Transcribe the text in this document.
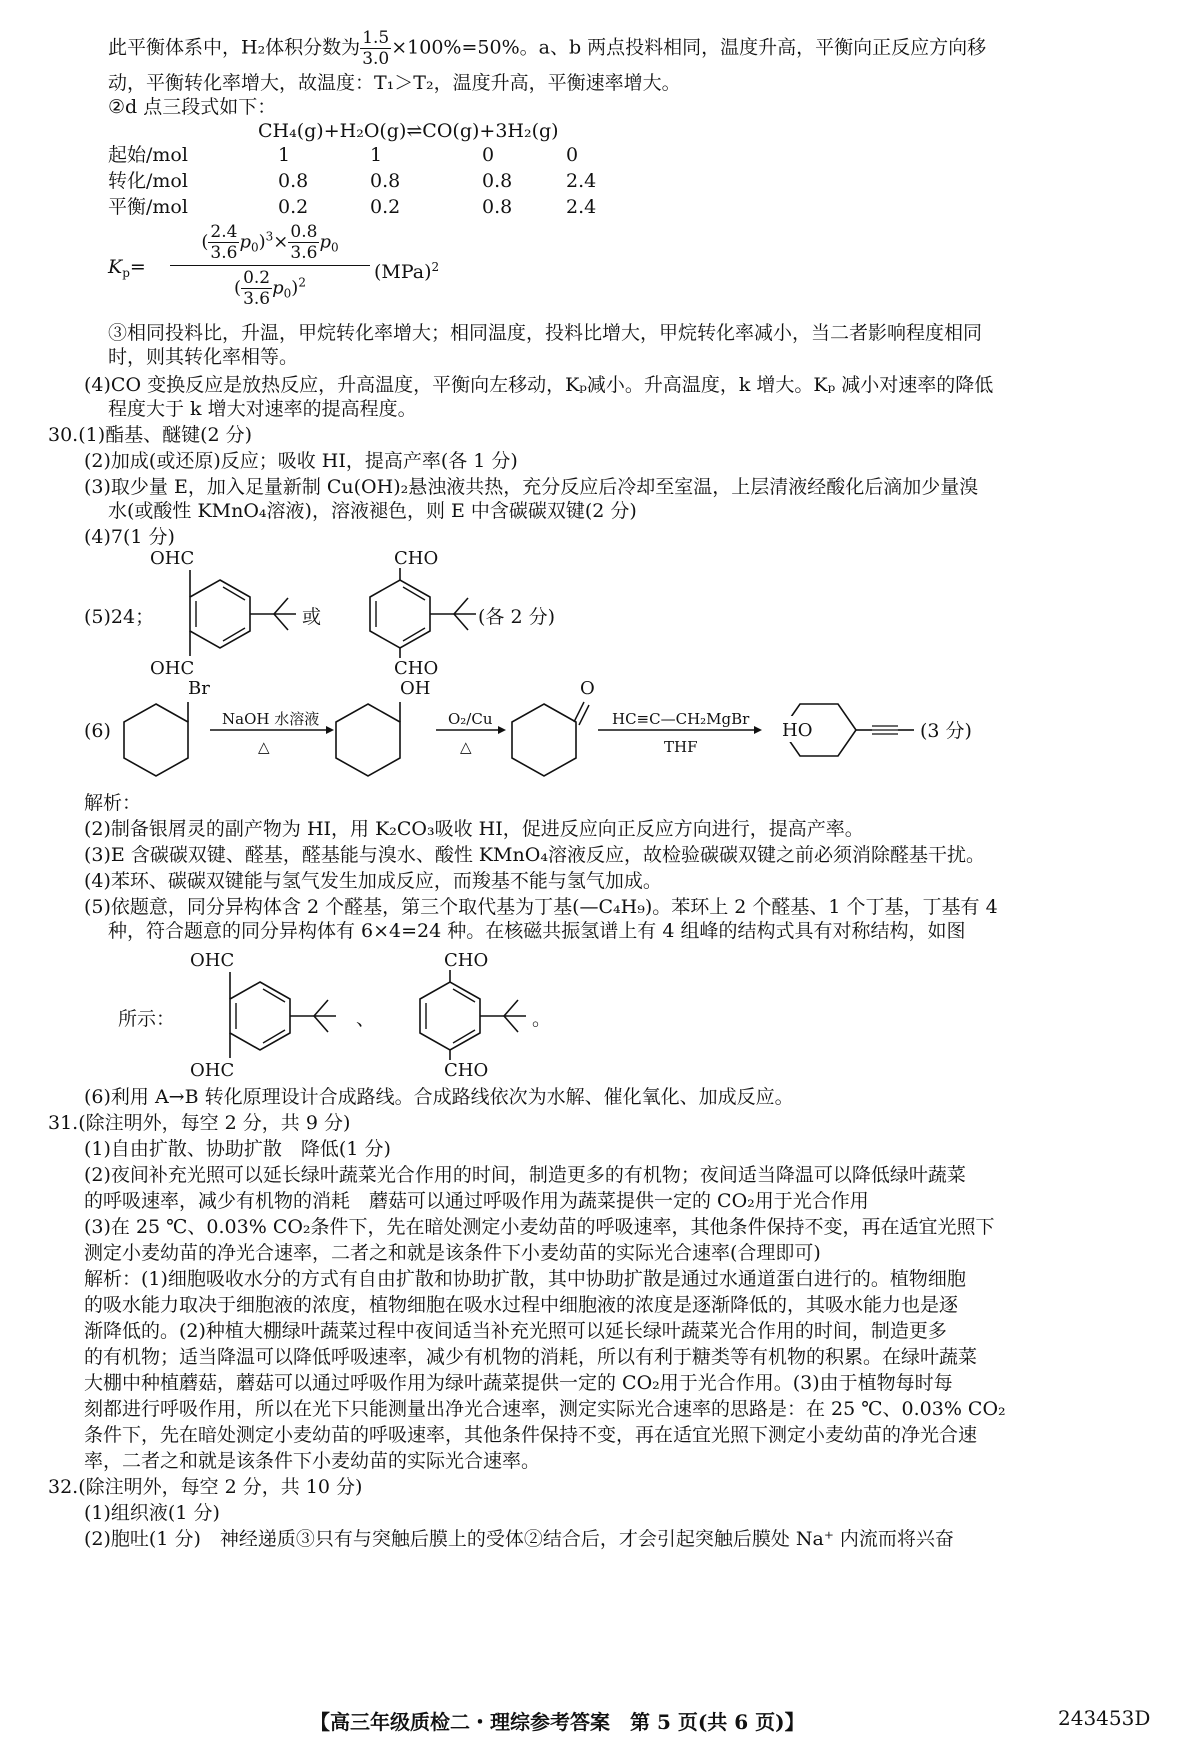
此平衡体系中，H₂体积分数为 $\frac{1.5}{3.0} \times 100\%=50\%$。a、b 两点投料相同，温度升高，平衡向正反应方向移
动，平衡转化率增大，故温度：T₁＞T₂，温度升高，平衡速率增大。
②d 点三段式如下：
CH₄(g)+H₂O(g)⇌CO(g)+3H₂(g)
起始/mol	1	1	0	0
转化/mol	0.8	0.8	0.8	2.4
平衡/mol	0.2	0.2	0.8	2.4
$K_p= \frac{( \frac{2.4}{3.6} p_0)^3\times \frac{0.8}{3.6} p_0}{( \frac{0.2}{3.6} p_0)^2} (MPa)^2$
③相同投料比，升温，甲烷转化率增大；相同温度，投料比增大，甲烷转化率减小，当二者影响程度相同
时，则其转化率相等。
(4)CO 变换反应是放热反应，升高温度，平衡向左移动，Kₚ减小。升高温度，k 增大。Kₚ 减小对速率的降低
程度大于 k 增大对速率的提高程度。
30.(1)酯基、醚键(2 分)
(2)加成(或还原)反应；吸收 HI，提高产率(各 1 分)
(3)取少量 E，加入足量新制 Cu(OH)₂悬浊液共热，充分反应后冷却至室温，上层清液经酸化后滴加少量溴
水(或酸性 KMnO₄溶液)，溶液褪色，则 E 中含碳碳双键(2 分)
(4)7(1 分)
(5)24；
OHC
OHC
或
CHO
CHO
(各 2 分)
(6)
Br
NaOH 水溶液
△
OH
O₂/Cu
△
O
HC≡C—CH₂MgBr
THF
HO	(3 分)
解析：
(2)制备银屑灵的副产物为 HI，用 K₂CO₃吸收 HI，促进反应向正反应方向进行，提高产率。
(3)E 含碳碳双键、醛基，醛基能与溴水、酸性 KMnO₄溶液反应，故检验碳碳双键之前必须消除醛基干扰。
(4)苯环、碳碳双键能与氢气发生加成反应，而羧基不能与氢气加成。
(5)依题意，同分异构体含 2 个醛基，第三个取代基为丁基(—C₄H₉)。苯环上 2 个醛基、1 个丁基，丁基有 4
种，符合题意的同分异构体有 6×4=24 种。在核磁共振氢谱上有 4 组峰的结构式具有对称结构，如图
所示：
OHC
OHC
、
CHO
CHO
。
(6)利用 A→B 转化原理设计合成路线。合成路线依次为水解、催化氧化、加成反应。
31.(除注明外，每空 2 分，共 9 分)
(1)自由扩散、协助扩散　降低(1 分)
(2)夜间补充光照可以延长绿叶蔬菜光合作用的时间，制造更多的有机物；夜间适当降温可以降低绿叶蔬菜
的呼吸速率，减少有机物的消耗　蘑菇可以通过呼吸作用为蔬菜提供一定的 CO₂用于光合作用
(3)在 25 ℃、0.03% CO₂条件下，先在暗处测定小麦幼苗的呼吸速率，其他条件保持不变，再在适宜光照下
测定小麦幼苗的净光合速率，二者之和就是该条件下小麦幼苗的实际光合速率(合理即可)
解析：(1)细胞吸收水分的方式有自由扩散和协助扩散，其中协助扩散是通过水通道蛋白进行的。植物细胞
的吸水能力取决于细胞液的浓度，植物细胞在吸水过程中细胞液的浓度是逐渐降低的，其吸水能力也是逐
渐降低的。(2)种植大棚绿叶蔬菜过程中夜间适当补充光照可以延长绿叶蔬菜光合作用的时间，制造更多
的有机物；适当降温可以降低呼吸速率，减少有机物的消耗，所以有利于糖类等有机物的积累。在绿叶蔬菜
大棚中种植蘑菇，蘑菇可以通过呼吸作用为绿叶蔬菜提供一定的 CO₂用于光合作用。(3)由于植物每时每
刻都进行呼吸作用，所以在光下只能测量出净光合速率，测定实际光合速率的思路是：在 25 ℃、0.03% CO₂
条件下，先在暗处测定小麦幼苗的呼吸速率，其他条件保持不变，再在适宜光照下测定小麦幼苗的净光合速
率，二者之和就是该条件下小麦幼苗的实际光合速率。
32.(除注明外，每空 2 分，共 10 分)
(1)组织液(1 分)
(2)胞吐(1 分)　神经递质③只有与突触后膜上的受体②结合后，才会引起突触后膜处 Na⁺ 内流而将兴奋
【高三年级质检二・理综参考答案　第 5 页(共 6 页)】	243453D
